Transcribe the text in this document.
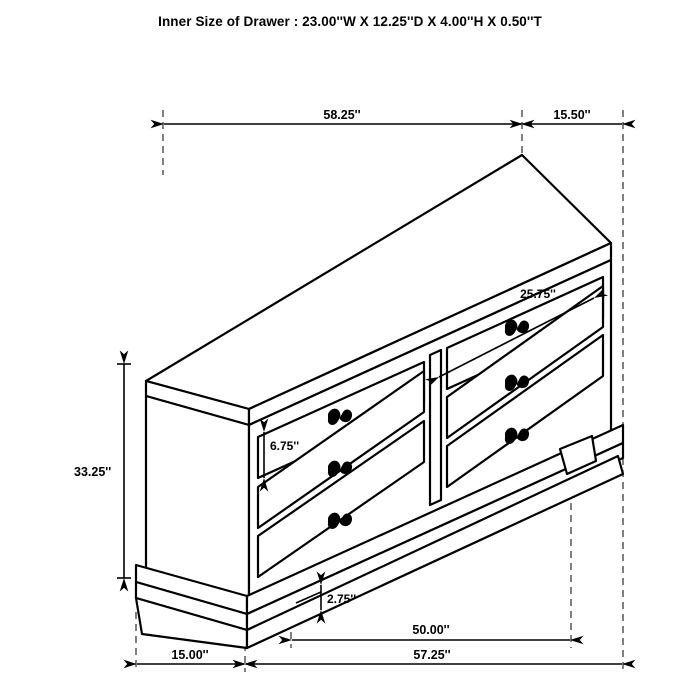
Inner Size of Drawer : 23.00''W X 12.25''D X 4.00''H X 0.50''T
58.25''	15.50''
33.25''
6.75''
25.75''
2.75''
50.00''
15.00''	57.25''
